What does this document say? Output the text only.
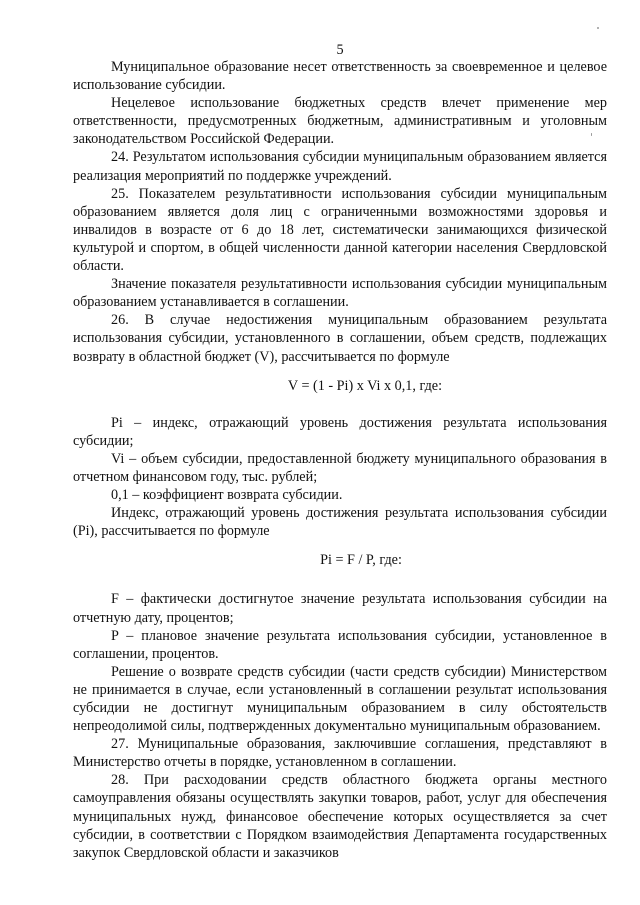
5

Муниципальное образование несет ответственность за своевременное и целевое использование субсидии.

Нецелевое использование бюджетных средств влечет применение мер ответственности, предусмотренных бюджетным, административным и уголовным законодательством Российской Федерации.

24. Результатом использования субсидии муниципальным образованием является реализация мероприятий по поддержке учреждений.

25. Показателем результативности использования субсидии муниципальным образованием является доля лиц с ограниченными возможностями здоровья и инвалидов в возрасте от 6 до 18 лет, систематически занимающихся физической культурой и спортом, в общей численности данной категории населения Свердловской области.

Значение показателя результативности использования субсидии муниципальным образованием устанавливается в соглашении.

26. В случае недостижения муниципальным образованием результата использования субсидии, установленного в соглашении, объем средств, подлежащих возврату в областной бюджет (V), рассчитывается по формуле

V = (1 - Pi) x Vi x 0,1, где:

Pi – индекс, отражающий уровень достижения результата использования субсидии;

Vi – объем субсидии, предоставленной бюджету муниципального образования в отчетном финансовом году, тыс. рублей;

0,1 – коэффициент возврата субсидии.

Индекс, отражающий уровень достижения результата использования субсидии (Pi), рассчитывается по формуле

Pi = F / P, где:

F – фактически достигнутое значение результата использования субсидии на отчетную дату, процентов;

P – плановое значение результата использования субсидии, установленное в соглашении, процентов.

Решение о возврате средств субсидии (части средств субсидии) Министерством не принимается в случае, если установленный в соглашении результат использования субсидии не достигнут муниципальным образованием в силу обстоятельств непреодолимой силы, подтвержденных документально муниципальным образованием.

27. Муниципальные образования, заключившие соглашения, представляют в Министерство отчеты в порядке, установленном в соглашении.

28. При расходовании средств областного бюджета органы местного самоуправления обязаны осуществлять закупки товаров, работ, услуг для обеспечения муниципальных нужд, финансовое обеспечение которых осуществляется за счет субсидии, в соответствии с Порядком взаимодействия Департамента государственных закупок Свердловской области и заказчиков
